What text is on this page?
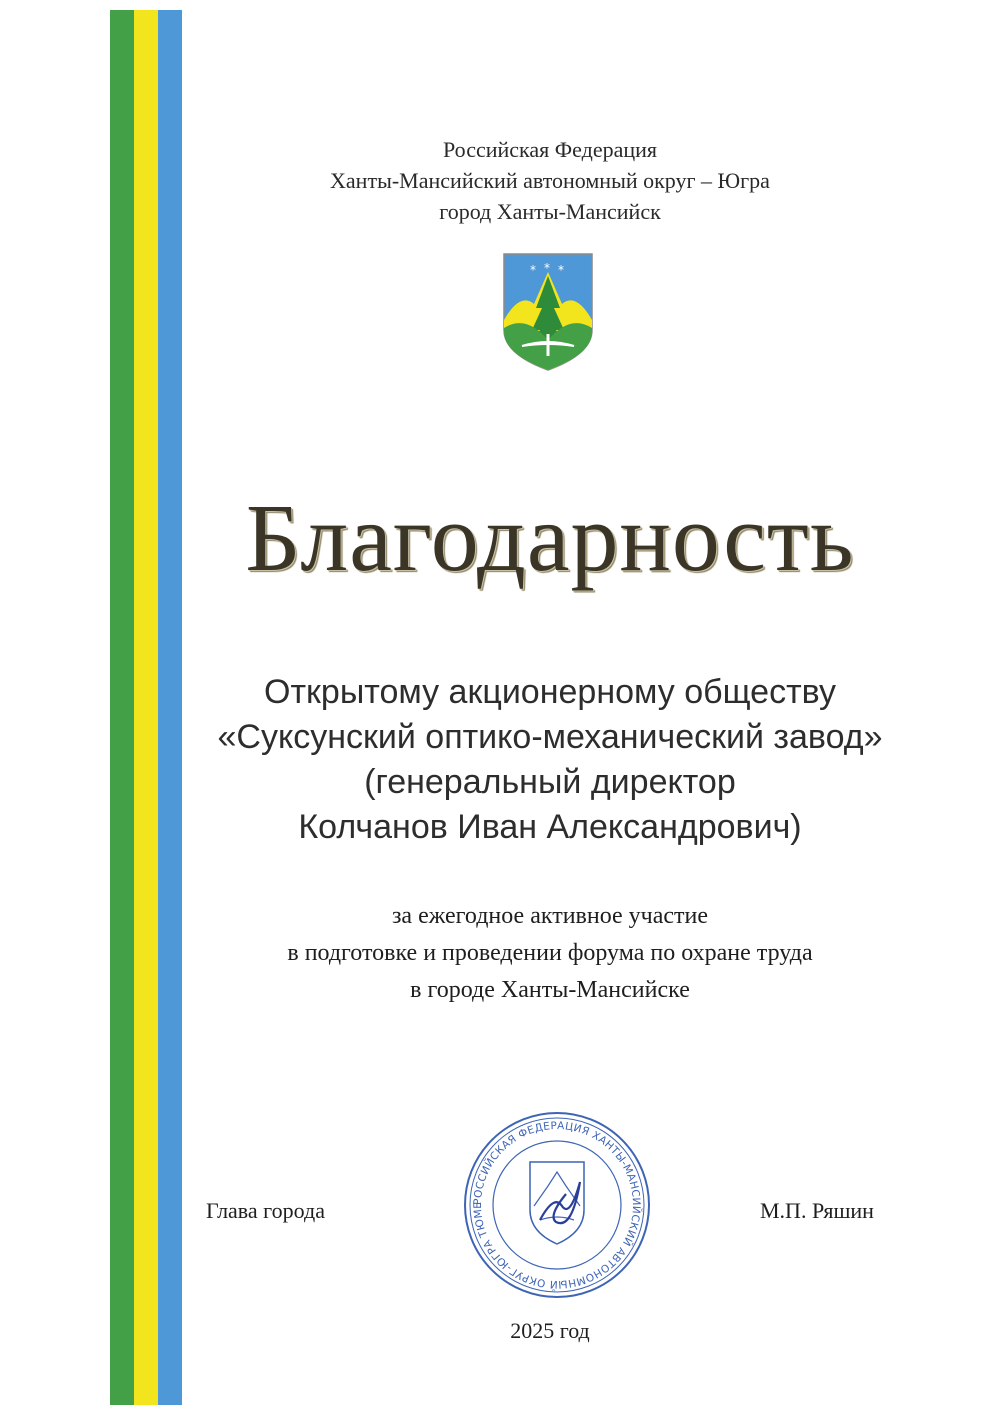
Российская Федерация
Ханты-Мансийский автономный округ – Югра
город Ханты-Мансийск
* * *
Благодарность
Открытому акционерному обществу
«Суксунский оптико-механический завод»
(генеральный директор
Колчанов Иван Александрович)
за ежегодное активное участие
в подготовке и проведении форума по охране труда
в городе Ханты-Мансийске
Глава города	РОССИЙСКАЯ ФЕДЕРАЦИЯ ХАНТЫ-МАНСИЙСКИЙ АВТОНОМНЫЙ ОКРУГ-ЮГРА ТЮМЕ	М.П. Ряшин
2025 год
